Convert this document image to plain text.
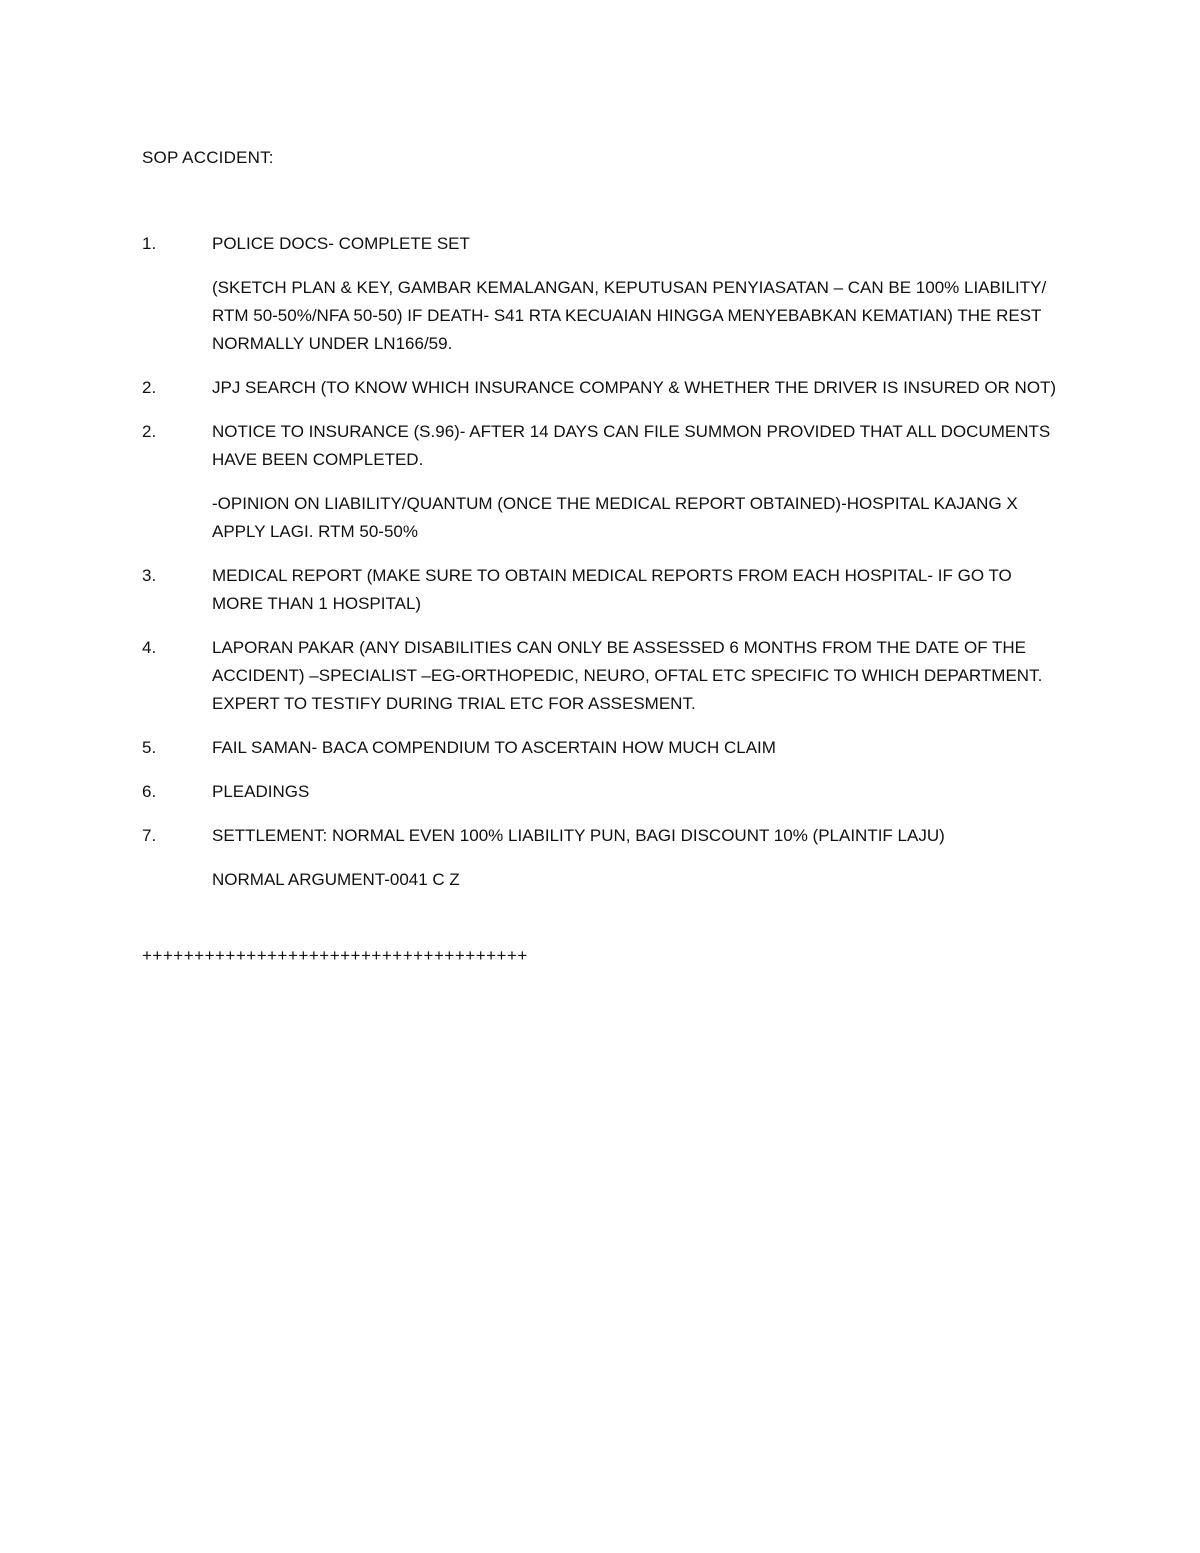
SOP ACCIDENT:
1.	POLICE DOCS- COMPLETE SET

(SKETCH PLAN & KEY, GAMBAR KEMALANGAN, KEPUTUSAN PENYIASATAN – CAN BE 100% LIABILITY/ RTM 50-50%/NFA 50-50) IF DEATH- S41 RTA KECUAIAN HINGGA MENYEBABKAN KEMATIAN) THE REST NORMALLY UNDER LN166/59.

2.	JPJ SEARCH (TO KNOW WHICH INSURANCE COMPANY & WHETHER THE DRIVER IS INSURED OR NOT)

2.	NOTICE TO INSURANCE (S.96)- AFTER 14 DAYS CAN FILE SUMMON PROVIDED THAT ALL DOCUMENTS HAVE BEEN COMPLETED.

-OPINION ON LIABILITY/QUANTUM (ONCE THE MEDICAL REPORT OBTAINED)-HOSPITAL KAJANG X APPLY LAGI. RTM 50-50%

3.	MEDICAL REPORT (MAKE SURE TO OBTAIN MEDICAL REPORTS FROM EACH HOSPITAL- IF GO TO MORE THAN 1 HOSPITAL)

4.	LAPORAN PAKAR (ANY DISABILITIES CAN ONLY BE ASSESSED 6 MONTHS FROM THE DATE OF THE ACCIDENT) –SPECIALIST –EG-ORTHOPEDIC, NEURO, OFTAL ETC SPECIFIC TO WHICH DEPARTMENT. EXPERT TO TESTIFY DURING TRIAL ETC FOR ASSESMENT.

5.	FAIL SAMAN- BACA COMPENDIUM TO ASCERTAIN HOW MUCH CLAIM

6.	PLEADINGS

7.	SETTLEMENT: NORMAL EVEN 100% LIABILITY PUN, BAGI DISCOUNT 10% (PLAINTIF LAJU)

NORMAL ARGUMENT-0041 C Z

+++++++++++++++++++++++++++++++++++++
